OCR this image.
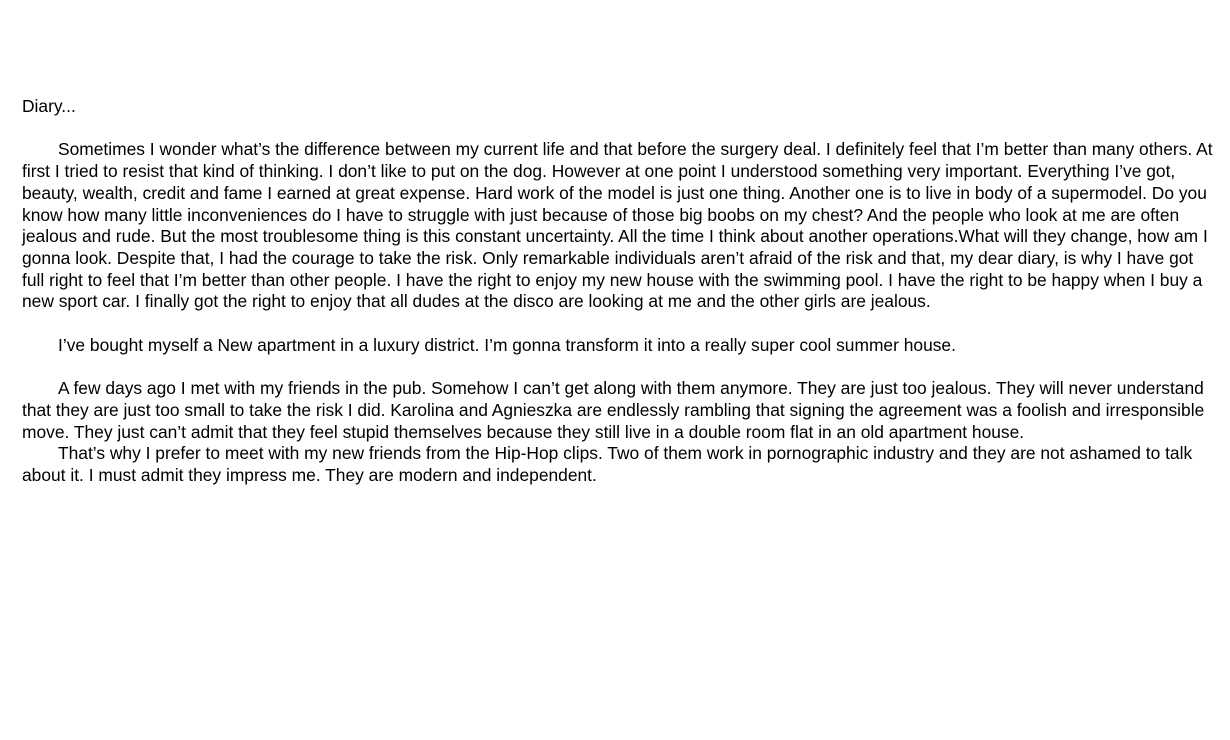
Diary...

Sometimes I wonder what’s the difference between my current life and that before the surgery deal. I definitely feel that I’m better than many others. At first I tried to resist that kind of thinking. I don’t like to put on the dog. However at one point I understood something very important. Everything I’ve got, beauty, wealth, credit and fame I earned at great expense. Hard work of the model is just one thing. Another one is to live in body of a supermodel. Do you know how many little inconveniences do I have to struggle with just because of those big boobs on my chest? And the people who look at me are often jealous and rude. But the most troublesome thing is this constant uncertainty. All the time I think about another operations.What will they change, how am I gonna look. Despite that, I had the courage to take the risk. Only remarkable individuals aren’t afraid of the risk and that, my dear diary, is why I have got full right to feel that I’m better than other people. I have the right to enjoy my new house with the swimming pool. I have the right to be happy when I buy a new sport car. I finally got the right to enjoy that all dudes at the disco are looking at me and the other girls are jealous.

I’ve bought myself a New apartment in a luxury district. I’m gonna transform it into a really super cool summer house.

A few days ago I met with my friends in the pub. Somehow I can’t get along with them anymore. They are just too jealous. They will never understand that they are just too small to take the risk I did. Karolina and Agnieszka are endlessly rambling that signing the agreement was a foolish and irresponsible move. They just can’t admit that they feel stupid themselves because they still live in a double room flat in an old apartment house.

That’s why I prefer to meet with my new friends from the Hip-Hop clips. Two of them work in pornographic industry and they are not ashamed to talk about it. I must admit they impress me. They are modern and independent.
